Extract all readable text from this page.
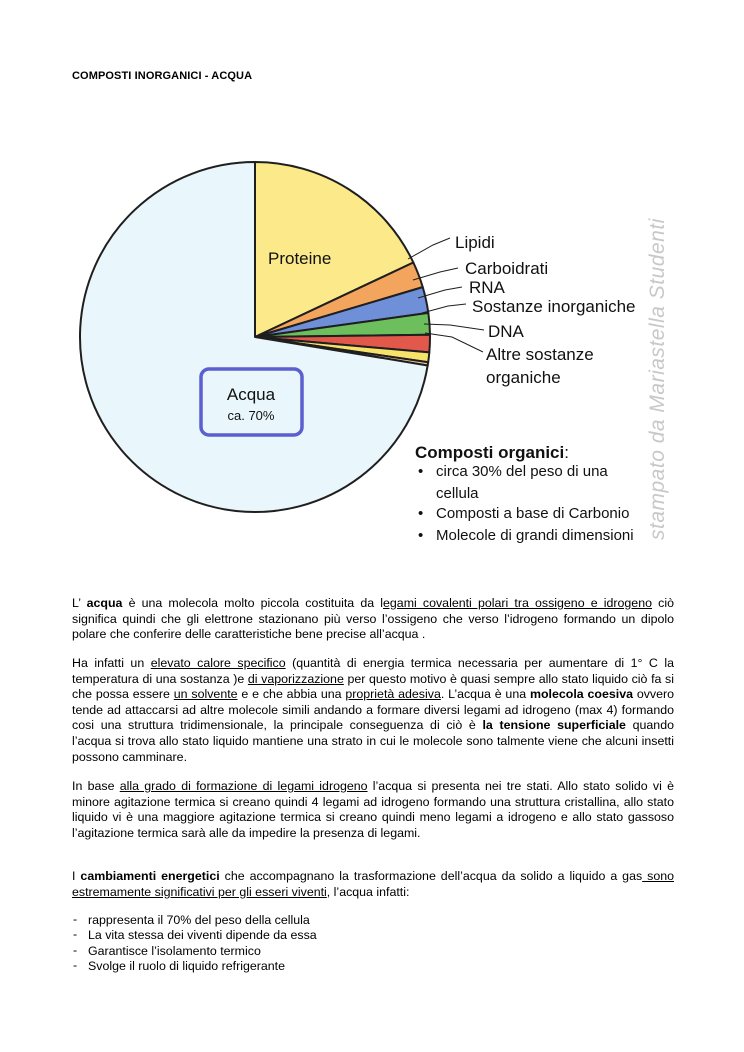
COMPOSTI INORGANICI - ACQUA
Proteine
Lipidi
Carboidrati
RNA
Sostanze inorganiche
DNA
Altre sostanze
organiche
Acqua
ca. 70%
Composti organici:
• circa 30% del peso di una
cellula
• Composti a base di Carbonio
• Molecole di grandi dimensioni
L’ acqua è una molecola molto piccola costituita da legami covalenti polari tra ossigeno e idrogeno ciò significa quindi che gli elettrone stazionano più verso l’ossigeno che verso l’idrogeno formando un dipolo polare che conferire delle caratteristiche bene precise all’acqua .
Ha infatti un elevato calore specifico (quantità di energia termica necessaria per aumentare di 1° C la temperatura di una sostanza )e di vaporizzazione per questo motivo è quasi sempre allo stato liquido ciò fa si che possa essere un solvente e e che abbia una proprietà adesiva. L’acqua è una molecola coesiva ovvero tende ad attaccarsi ad altre molecole simili andando a formare diversi legami ad idrogeno (max 4) formando cosi una struttura tridimensionale, la principale conseguenza di ciò è la tensione superficiale quando l’acqua si trova allo stato liquido mantiene una strato in cui le molecole sono talmente viene che alcuni insetti possono camminare.
In base alla grado di formazione di legami idrogeno l’acqua si presenta nei tre stati. Allo stato solido vi è minore agitazione termica si creano quindi 4 legami ad idrogeno formando una struttura cristallina, allo stato liquido vi è una maggiore agitazione termica si creano quindi meno legami a idrogeno e allo stato gassoso l’agitazione termica sarà alle da impedire la presenza di legami.
I cambiamenti energetici che accompagnano la trasformazione dell’acqua da solido a liquido a gas sono estremamente significativi per gli esseri viventi, l’acqua infatti:
- rappresenta il 70% del peso della cellula
- La vita stessa dei viventi dipende da essa
- Garantisce l’isolamento termico
- Svolge il ruolo di liquido refrigerante
stampato da Mariastella Studenti
